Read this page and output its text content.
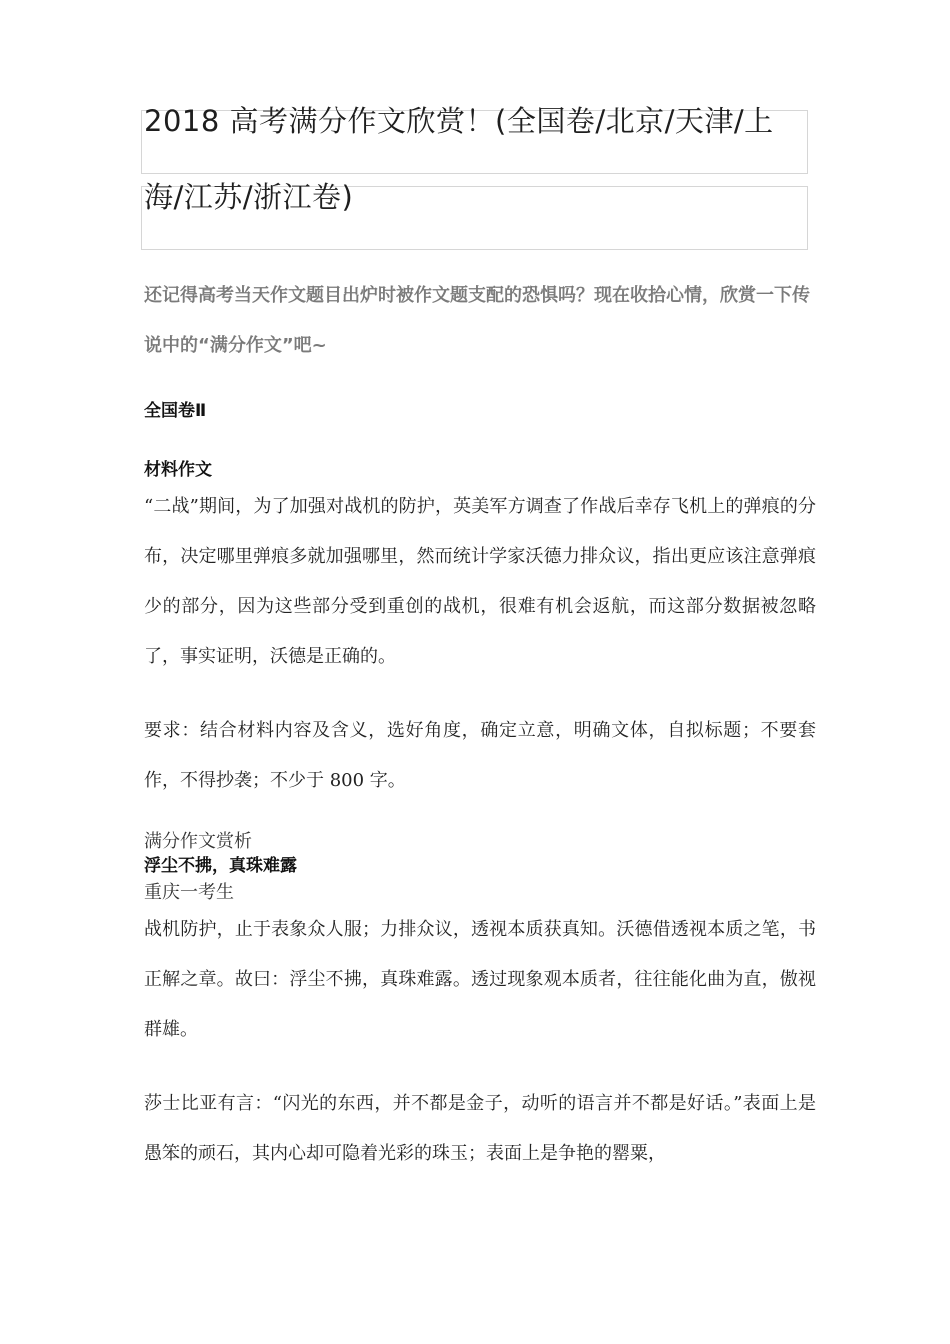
2018 高考满分作文欣赏！(全国卷/北京/天津/上
海/江苏/浙江卷)

还记得高考当天作文题目出炉时被作文题支配的恐惧吗？现在收拾心情，欣赏一下传说中的“满分作文”吧~

全国卷Ⅱ
材料作文

“二战”期间，为了加强对战机的防护，英美军方调查了作战后幸存飞机上的弹痕的分布，决定哪里弹痕多就加强哪里，然而统计学家沃德力排众议，指出更应该注意弹痕少的部分，因为这些部分受到重创的战机，很难有机会返航，而这部分数据被忽略了，事实证明，沃德是正确的。

要求：结合材料内容及含义，选好角度，确定立意，明确文体，自拟标题；不要套作，不得抄袭；不少于 800 字。

满分作文赏析
浮尘不拂，真珠难露
重庆一考生

战机防护，止于表象众人服；力排众议，透视本质获真知。沃德借透视本质之笔，书正解之章。故曰：浮尘不拂，真珠难露。透过现象观本质者，往往能化曲为直，傲视群雄。

莎士比亚有言：“闪光的东西，并不都是金子，动听的语言并不都是好话。”表面上是愚笨的顽石，其内心却可隐着光彩的珠玉；表面上是争艳的罂粟，
